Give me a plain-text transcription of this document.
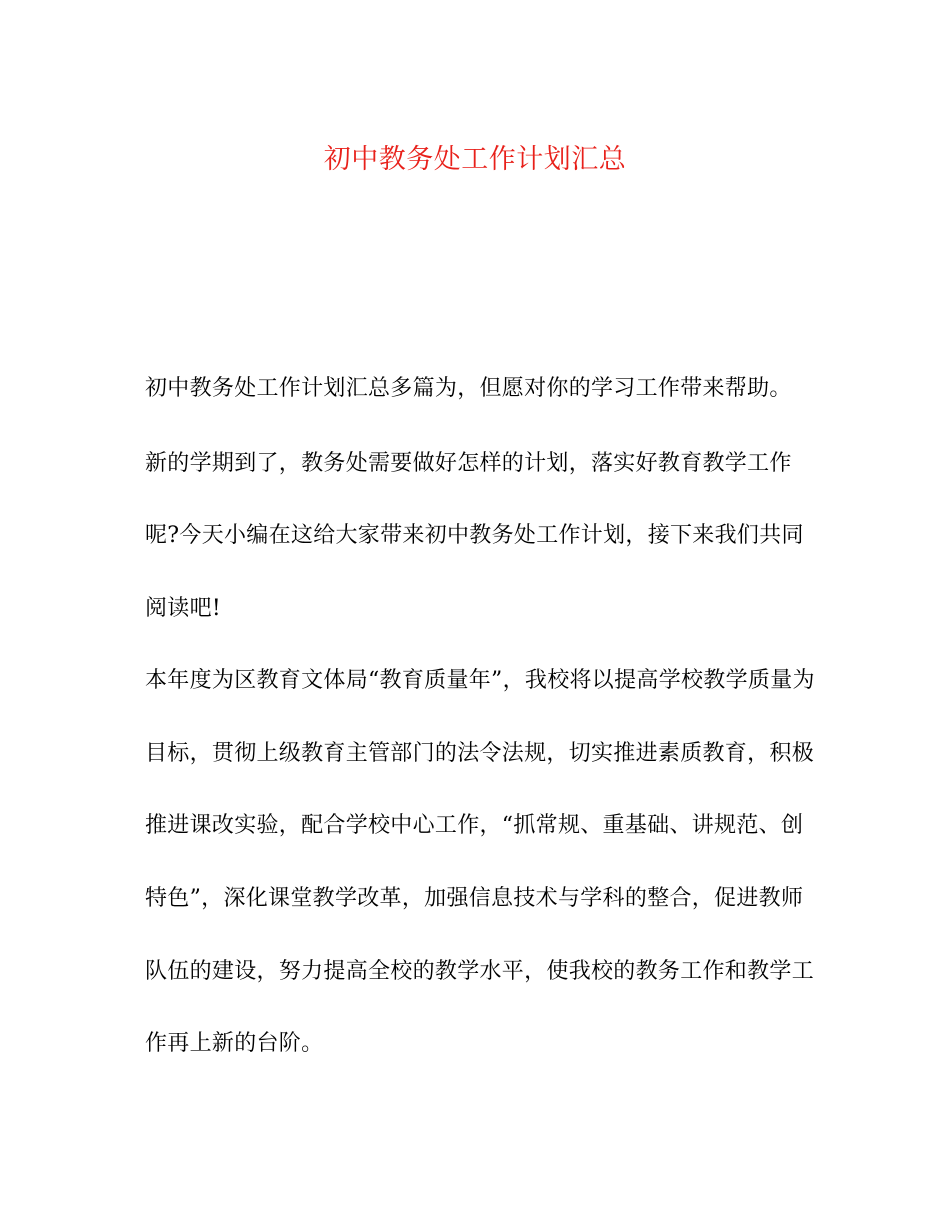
初中教务处工作计划汇总
初中教务处工作计划汇总多篇为，但愿对你的学习工作带来帮助。
新的学期到了，教务处需要做好怎样的计划，落实好教育教学工作
呢?今天小编在这给大家带来初中教务处工作计划，接下来我们共同
阅读吧!
本年度为区教育文体局“教育质量年”，我校将以提高学校教学质量为
目标，贯彻上级教育主管部门的法令法规，切实推进素质教育，积极
推进课改实验，配合学校中心工作，“抓常规、重基础、讲规范、创
特色”，深化课堂教学改革，加强信息技术与学科的整合，促进教师
队伍的建设，努力提高全校的教学水平，使我校的教务工作和教学工
作再上新的台阶。
